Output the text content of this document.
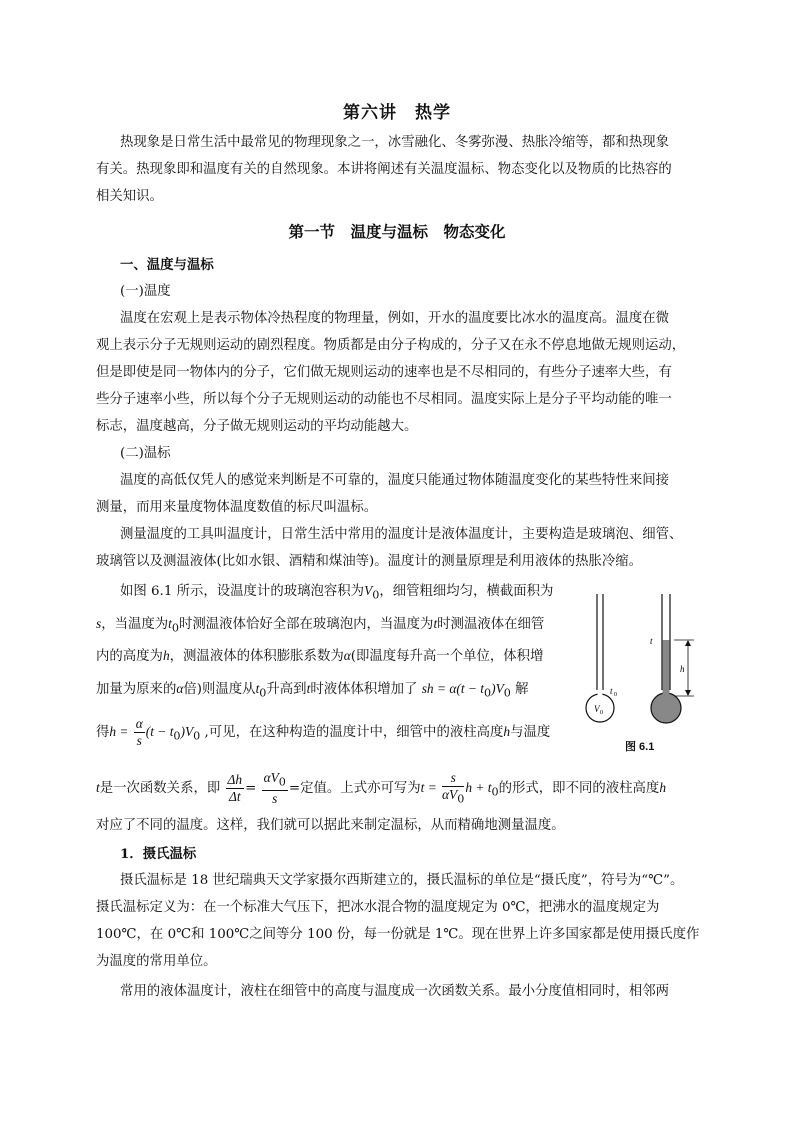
第六讲　热学
热现象是日常生活中最常见的物理现象之一，冰雪融化、冬雾弥漫、热胀冷缩等，都和热现象
有关。热现象即和温度有关的自然现象。本讲将阐述有关温度温标、物态变化以及物质的比热容的
相关知识。
第一节　温度与温标　物态变化
一、温度与温标
(一)温度
温度在宏观上是表示物体冷热程度的物理量，例如，开水的温度要比冰水的温度高。温度在微
观上表示分子无规则运动的剧烈程度。物质都是由分子构成的，分子又在永不停息地做无规则运动，
但是即使是同一物体内的分子，它们做无规则运动的速率也是不尽相同的，有些分子速率大些，有
些分子速率小些，所以每个分子无规则运动的动能也不尽相同。温度实际上是分子平均动能的唯一
标志，温度越高，分子做无规则运动的平均动能越大。
(二)温标
温度的高低仅凭人的感觉来判断是不可靠的，温度只能通过物体随温度变化的某些特性来间接
测量，而用来量度物体温度数值的标尺叫温标。
测量温度的工具叫温度计，日常生活中常用的温度计是液体温度计，主要构造是玻璃泡、细管、
玻璃管以及测温液体(比如水银、酒精和煤油等)。温度计的测量原理是利用液体的热胀冷缩。
如图 6.1 所示，设温度计的玻璃泡容积为$V_0$，细管粗细均匀，横截面积为
s，当温度为$t_0$时测温液体恰好全部在玻璃泡内，当温度为t时测温液体在细管
内的高度为h，测温液体的体积膨胀系数为α(即温度每升高一个单位，体积增
加量为原来的α倍)则温度从$t_0$升高到t时液体体积增加了 sh = $\alpha(t - t_0)V_0$ 解
得$h = \frac{\alpha}{s} (t - t_0)V_0$ ,可见，在这种构造的温度计中，细管中的液柱高度h与温度
t是一次函数关系，即 $\frac{\Delta h}{\Delta t} = \frac{\alpha V_0}{s}$ =定值。上式亦可写为$t = \frac{s}{\alpha V_0}$ $h + t_0$的形式，即不同的液柱高度h
对应了不同的温度。这样，我们就可以据此来制定温标，从而精确地测量温度。
t 0
t
h
V 0
图 6.1
1．摄氏温标
摄氏温标是 18 世纪瑞典天文学家摄尔西斯建立的，摄氏温标的单位是“摄氏度”，符号为“℃”。
摄氏温标定义为：在一个标准大气压下，把冰水混合物的温度规定为 0℃，把沸水的温度规定为
100℃，在 0℃和 100℃之间等分 100 份，每一份就是 1℃。现在世界上许多国家都是使用摄氏度作
为温度的常用单位。
常用的液体温度计，液柱在细管中的高度与温度成一次函数关系。最小分度值相同时，相邻两
